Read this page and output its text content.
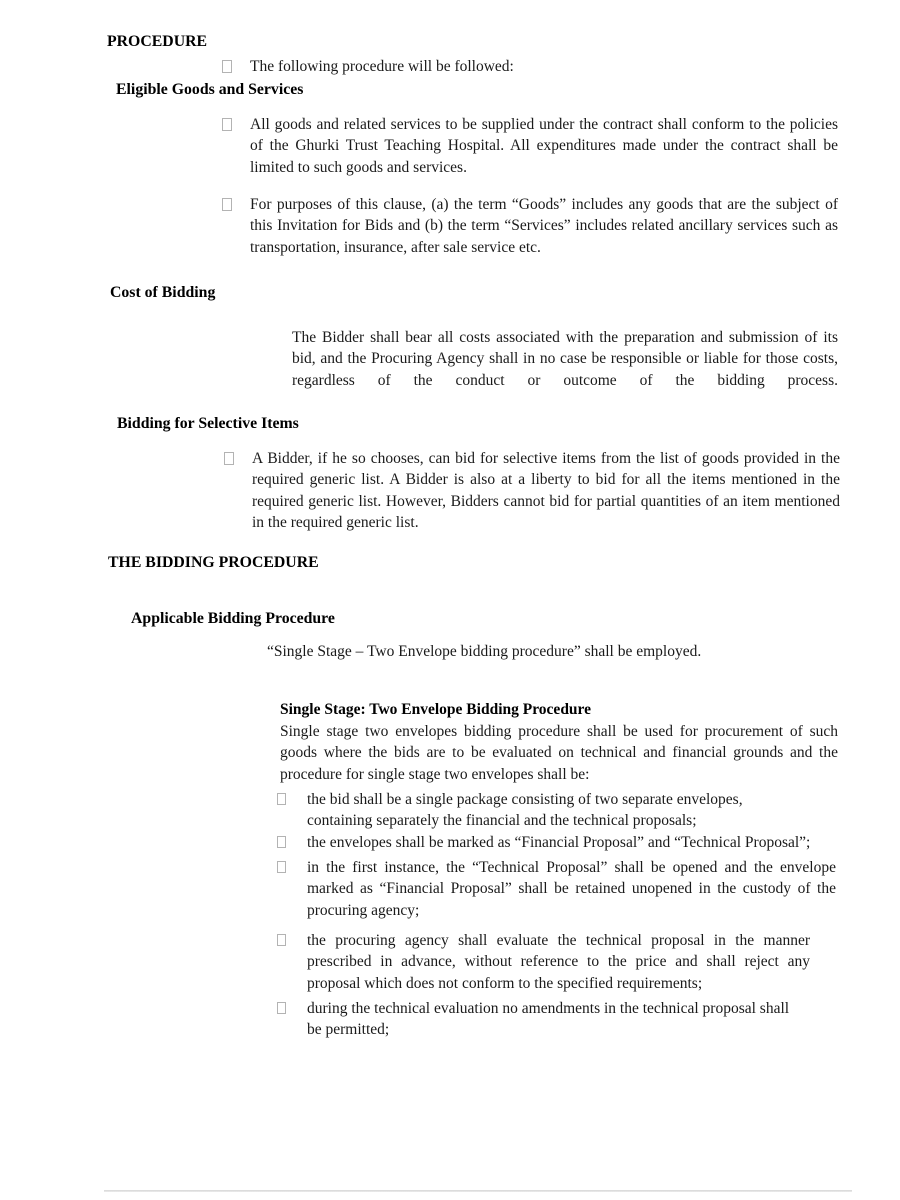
PROCEDURE
The following procedure will be followed:
Eligible Goods and Services
All goods and related services to be supplied under the contract shall conform to the policies of the Ghurki Trust Teaching Hospital. All expenditures made under the contract shall be limited to such goods and services.
For purposes of this clause, (a) the term “Goods” includes any goods that are the subject of this Invitation for Bids and (b) the term “Services” includes related ancillary services such as transportation, insurance, after sale service etc.
Cost of Bidding
The Bidder shall bear all costs associated with the preparation and submission of its bid, and the Procuring Agency shall in no case be responsible or liable for those costs, regardless of the conduct or outcome of the bidding process.
Bidding for Selective Items
A Bidder, if he so chooses, can bid for selective items from the list of goods provided in the required generic list. A Bidder is also at a liberty to bid for all the items mentioned in the required generic list. However, Bidders cannot bid for partial quantities of an item mentioned in the required generic list.
THE BIDDING PROCEDURE
Applicable Bidding Procedure
“Single Stage – Two Envelope bidding procedure” shall be employed.
Single Stage: Two Envelope Bidding Procedure
Single stage two envelopes bidding procedure shall be used for procurement of such goods where the bids are to be evaluated on technical and financial grounds and the procedure for single stage two envelopes shall be:
the bid shall be a single package consisting of two separate envelopes, containing separately the financial and the technical proposals;
the envelopes shall be marked as “Financial Proposal” and “Technical Proposal”;
in the first instance, the “Technical Proposal” shall be opened and the envelope marked as “Financial Proposal” shall be retained unopened in the custody of the procuring agency;
the procuring agency shall evaluate the technical proposal in the manner prescribed in advance, without reference to the price and shall reject any proposal which does not conform to the specified requirements;
during the technical evaluation no amendments in the technical proposal shall be permitted;
